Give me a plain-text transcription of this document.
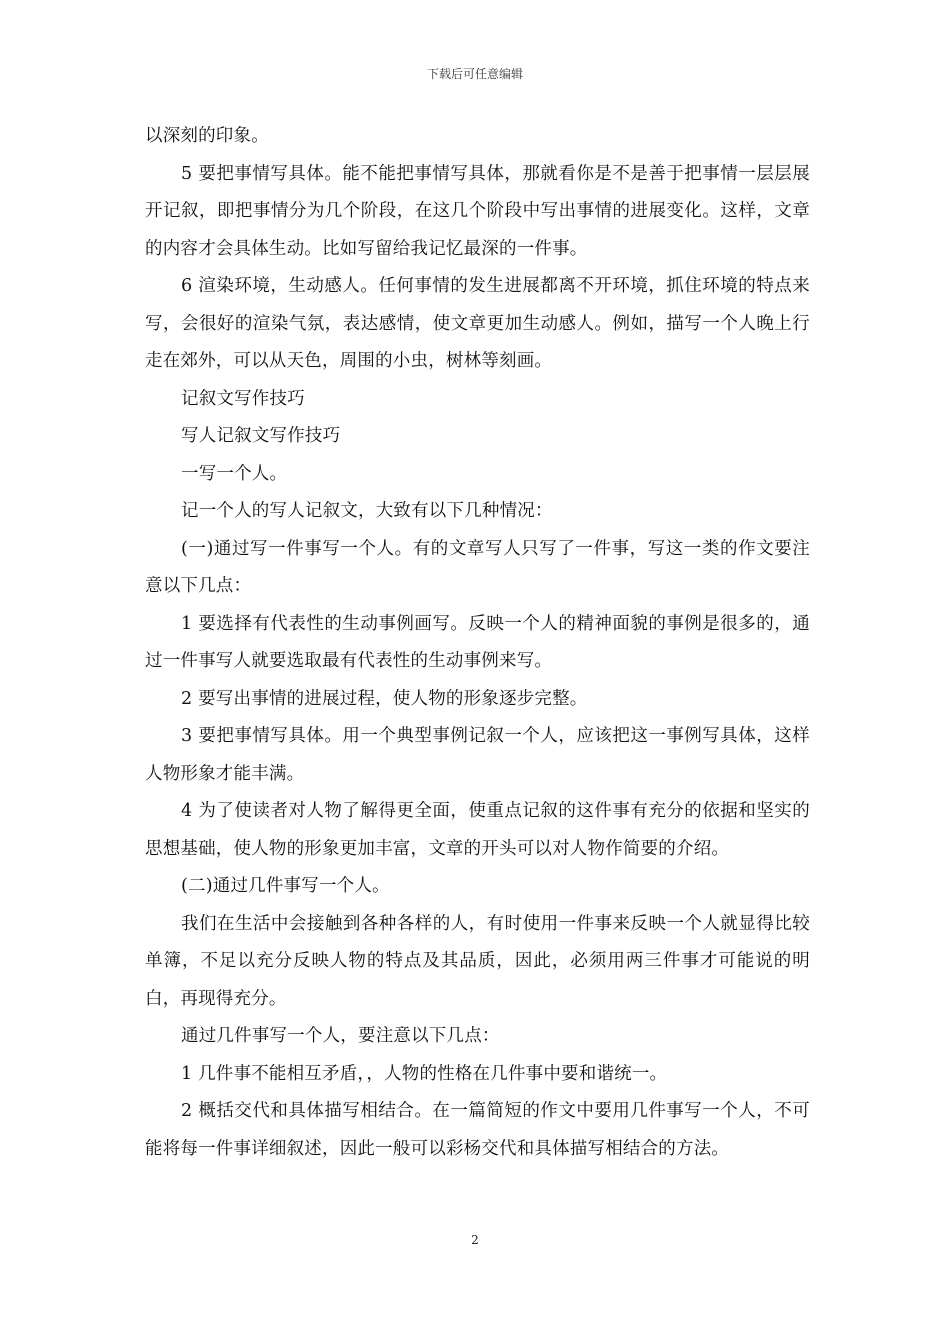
下载后可任意编辑

以深刻的印象。

5 要把事情写具体。能不能把事情写具体，那就看你是不是善于把事情一层层展开记叙，即把事情分为几个阶段，在这几个阶段中写出事情的进展变化。这样，文章的内容才会具体生动。比如写留给我记忆最深的一件事。

6 渲染环境，生动感人。任何事情的发生进展都离不开环境，抓住环境的特点来写，会很好的渲染气氛，表达感情，使文章更加生动感人。例如，描写一个人晚上行走在郊外，可以从天色，周围的小虫，树林等刻画。

记叙文写作技巧

写人记叙文写作技巧

一写一个人。

记一个人的写人记叙文，大致有以下几种情况：

(一)通过写一件事写一个人。有的文章写人只写了一件事，写这一类的作文要注意以下几点：

1 要选择有代表性的生动事例画写。反映一个人的精神面貌的事例是很多的，通过一件事写人就要选取最有代表性的生动事例来写。

2 要写出事情的进展过程，使人物的形象逐步完整。

3 要把事情写具体。用一个典型事例记叙一个人，应该把这一事例写具体，这样人物形象才能丰满。

4 为了使读者对人物了解得更全面，使重点记叙的这件事有充分的依据和坚实的思想基础，使人物的形象更加丰富，文章的开头可以对人物作简要的介绍。

(二)通过几件事写一个人。

我们在生活中会接触到各种各样的人，有时使用一件事来反映一个人就显得比较单簿，不足以充分反映人物的特点及其品质，因此，必须用两三件事才可能说的明白，再现得充分。

通过几件事写一个人，要注意以下几点：

1 几件事不能相互矛盾，，人物的性格在几件事中要和谐统一。

2 概括交代和具体描写相结合。在一篇简短的作文中要用几件事写一个人，不可能将每一件事详细叙述，因此一般可以彩杨交代和具体描写相结合的方法。

2
